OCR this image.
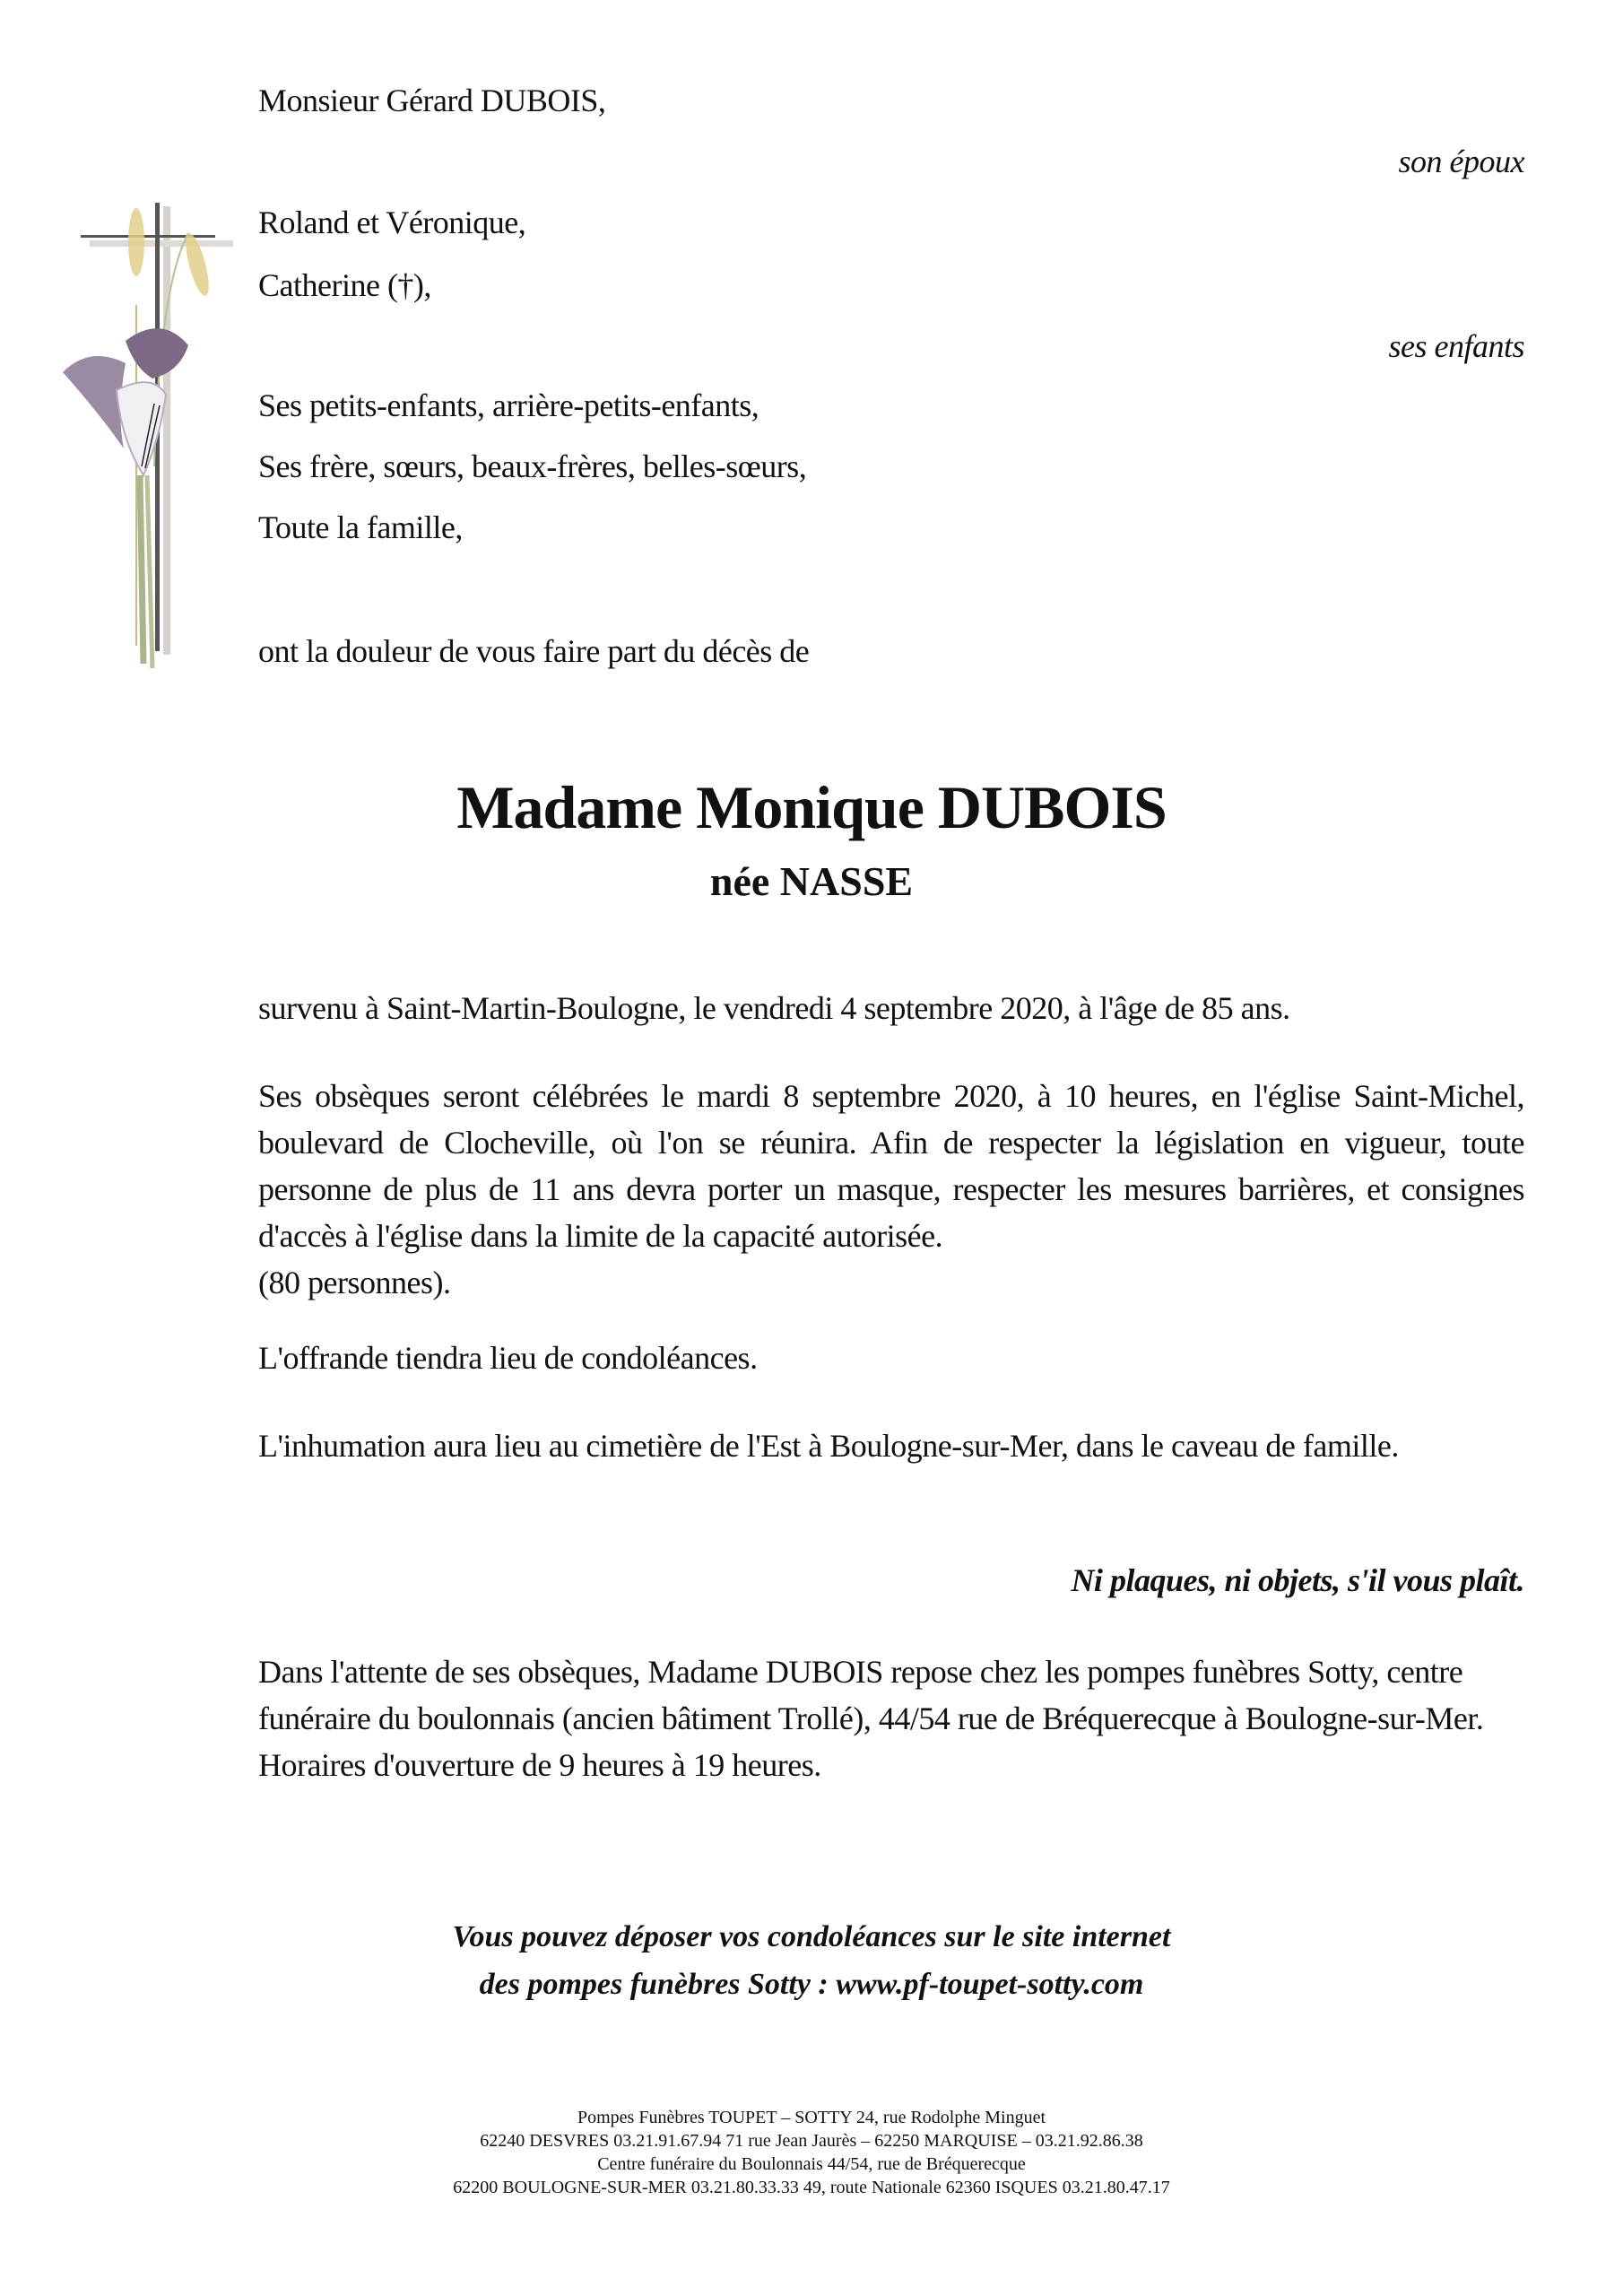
Monsieur Gérard DUBOIS,
son époux
Roland et Véronique,
Catherine (†),
ses enfants
Ses petits-enfants, arrière-petits-enfants,
Ses frère, sœurs, beaux-frères, belles-sœurs,
Toute la famille,
ont la douleur de vous faire part du décès de
Madame Monique DUBOIS
née NASSE
survenu à Saint-Martin-Boulogne, le vendredi 4 septembre 2020, à l'âge de 85 ans.
Ses obsèques seront célébrées le mardi 8 septembre 2020, à 10 heures, en l'église Saint-Michel, boulevard de Clocheville, où l'on se réunira. Afin de respecter la législation en vigueur, toute personne de plus de 11 ans devra porter un masque, respecter les mesures barrières, et consignes d'accès à l'église dans la limite de la capacité autorisée.
(80 personnes).
L'offrande tiendra lieu de condoléances.
L'inhumation aura lieu au cimetière de l'Est à Boulogne-sur-Mer, dans le caveau de famille.
Ni plaques, ni objets, s'il vous plaît.
Dans l'attente de ses obsèques, Madame DUBOIS repose chez les pompes funèbres Sotty, centre funéraire du boulonnais (ancien bâtiment Trollé), 44/54 rue de Bréquerecque à Boulogne-sur-Mer. Horaires d'ouverture de 9 heures à 19 heures.
Vous pouvez déposer vos condoléances sur le site internet
des pompes funèbres Sotty : www.pf-toupet-sotty.com
Pompes Funèbres TOUPET – SOTTY 24, rue Rodolphe Minguet
62240 DESVRES 03.21.91.67.94 71 rue Jean Jaurès – 62250 MARQUISE – 03.21.92.86.38
Centre funéraire du Boulonnais 44/54, rue de Bréquerecque
62200 BOULOGNE-SUR-MER 03.21.80.33.33 49, route Nationale 62360 ISQUES 03.21.80.47.17
